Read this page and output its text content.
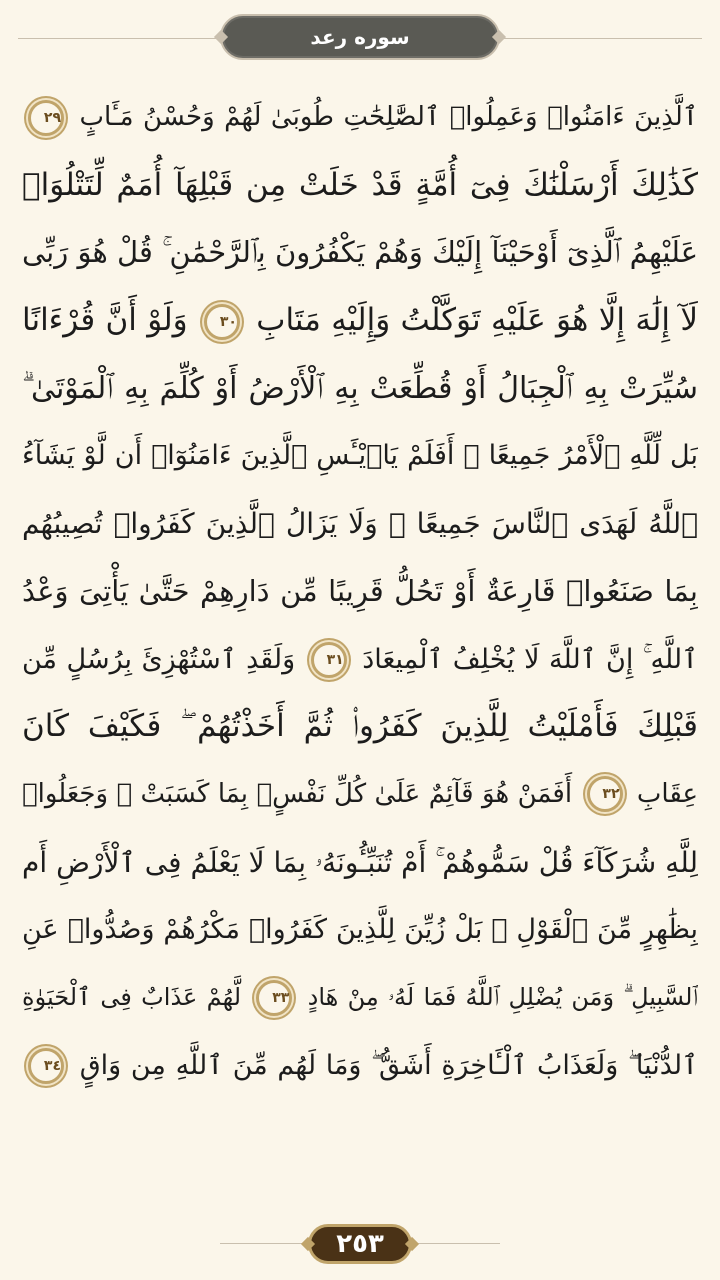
سوره رعد
ٱلَّذِينَ ءَامَنُوا۟ وَعَمِلُوا۟ ٱلصَّٰلِحَٰتِ طُوبَىٰ لَهُمْ وَحُسْنُ مَـَٔابٍ ٢٩
كَذَٰلِكَ أَرْسَلْنَٰكَ فِىٓ أُمَّةٍ قَدْ خَلَتْ مِن قَبْلِهَآ أُمَمٌ لِّتَتْلُوَا۟
عَلَيْهِمُ ٱلَّذِىٓ أَوْحَيْنَآ إِلَيْكَ وَهُمْ يَكْفُرُونَ بِٱلرَّحْمَٰنِ ۚ قُلْ هُوَ رَبِّى
لَآ إِلَٰهَ إِلَّا هُوَ عَلَيْهِ تَوَكَّلْتُ وَإِلَيْهِ مَتَابِ ٣٠ وَلَوْ أَنَّ قُرْءَانًا
سُيِّرَتْ بِهِ ٱلْجِبَالُ أَوْ قُطِّعَتْ بِهِ ٱلْأَرْضُ أَوْ كُلِّمَ بِهِ ٱلْمَوْتَىٰ ۗ
بَل لِّلَّهِ ٱلْأَمْرُ جَمِيعًا ۗ أَفَلَمْ يَا۟يْـَٔسِ ٱلَّذِينَ ءَامَنُوٓا۟ أَن لَّوْ يَشَآءُ
ٱللَّهُ لَهَدَى ٱلنَّاسَ جَمِيعًا ۗ وَلَا يَزَالُ ٱلَّذِينَ كَفَرُوا۟ تُصِيبُهُم
بِمَا صَنَعُوا۟ قَارِعَةٌ أَوْ تَحُلُّ قَرِيبًا مِّن دَارِهِمْ حَتَّىٰ يَأْتِىَ وَعْدُ
ٱللَّهِ ۚ إِنَّ ٱللَّهَ لَا يُخْلِفُ ٱلْمِيعَادَ ٣١ وَلَقَدِ ٱسْتُهْزِئَ بِرُسُلٍ مِّن
قَبْلِكَ فَأَمْلَيْتُ لِلَّذِينَ كَفَرُوا۟ ثُمَّ أَخَذْتُهُمْ ۖ فَكَيْفَ كَانَ
عِقَابِ ٣٢ أَفَمَنْ هُوَ قَآئِمٌ عَلَىٰ كُلِّ نَفْسٍۭ بِمَا كَسَبَتْ ۗ وَجَعَلُوا۟
لِلَّهِ شُرَكَآءَ قُلْ سَمُّوهُمْ ۚ أَمْ تُنَبِّـُٔونَهُۥ بِمَا لَا يَعْلَمُ فِى ٱلْأَرْضِ أَم
بِظَٰهِرٍ مِّنَ ٱلْقَوْلِ ۗ بَلْ زُيِّنَ لِلَّذِينَ كَفَرُوا۟ مَكْرُهُمْ وَصُدُّوا۟ عَنِ
ٱلسَّبِيلِ ۗ وَمَن يُضْلِلِ ٱللَّهُ فَمَا لَهُۥ مِنْ هَادٍ ٣٣ لَّهُمْ عَذَابٌ فِى ٱلْحَيَوٰةِ
ٱلدُّنْيَا ۖ وَلَعَذَابُ ٱلْـَٔاخِرَةِ أَشَقُّ ۖ وَمَا لَهُم مِّنَ ٱللَّهِ مِن وَاقٍ ٣٤
٢٥٣
